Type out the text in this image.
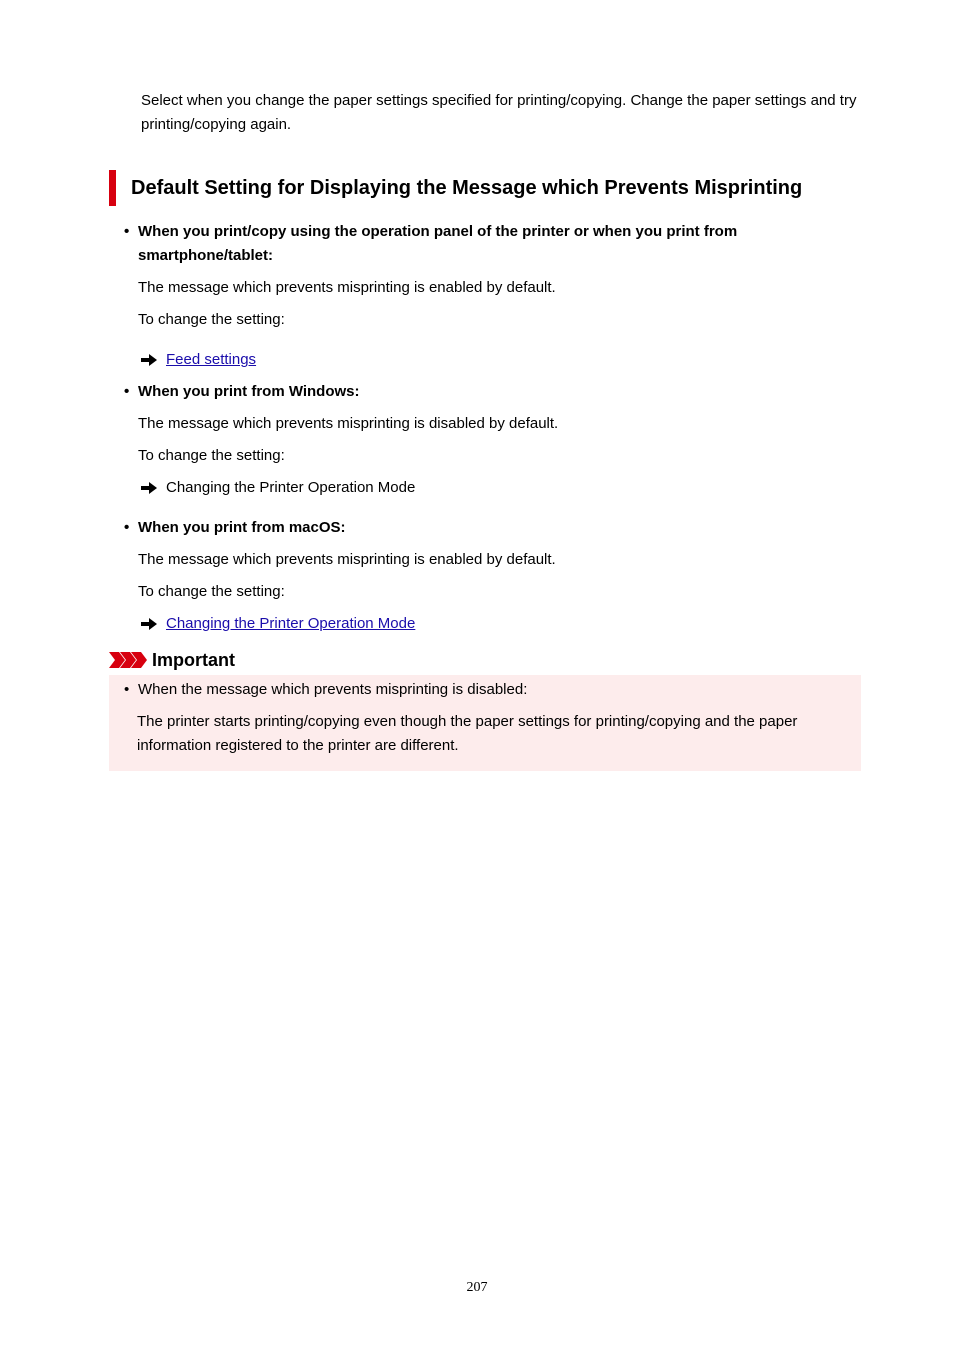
Select when you change the paper settings specified for printing/copying. Change the paper settings and try printing/copying again.
Default Setting for Displaying the Message which Prevents Misprinting
• When you print/copy using the operation panel of the printer or when you print from smartphone/tablet:
The message which prevents misprinting is enabled by default.
To change the setting:
Feed settings
• When you print from Windows:
The message which prevents misprinting is disabled by default.
To change the setting:
Changing the Printer Operation Mode
• When you print from macOS:
The message which prevents misprinting is enabled by default.
To change the setting:
Changing the Printer Operation Mode
Important
• When the message which prevents misprinting is disabled:
The printer starts printing/copying even though the paper settings for printing/copying and the paper information registered to the printer are different.
207
